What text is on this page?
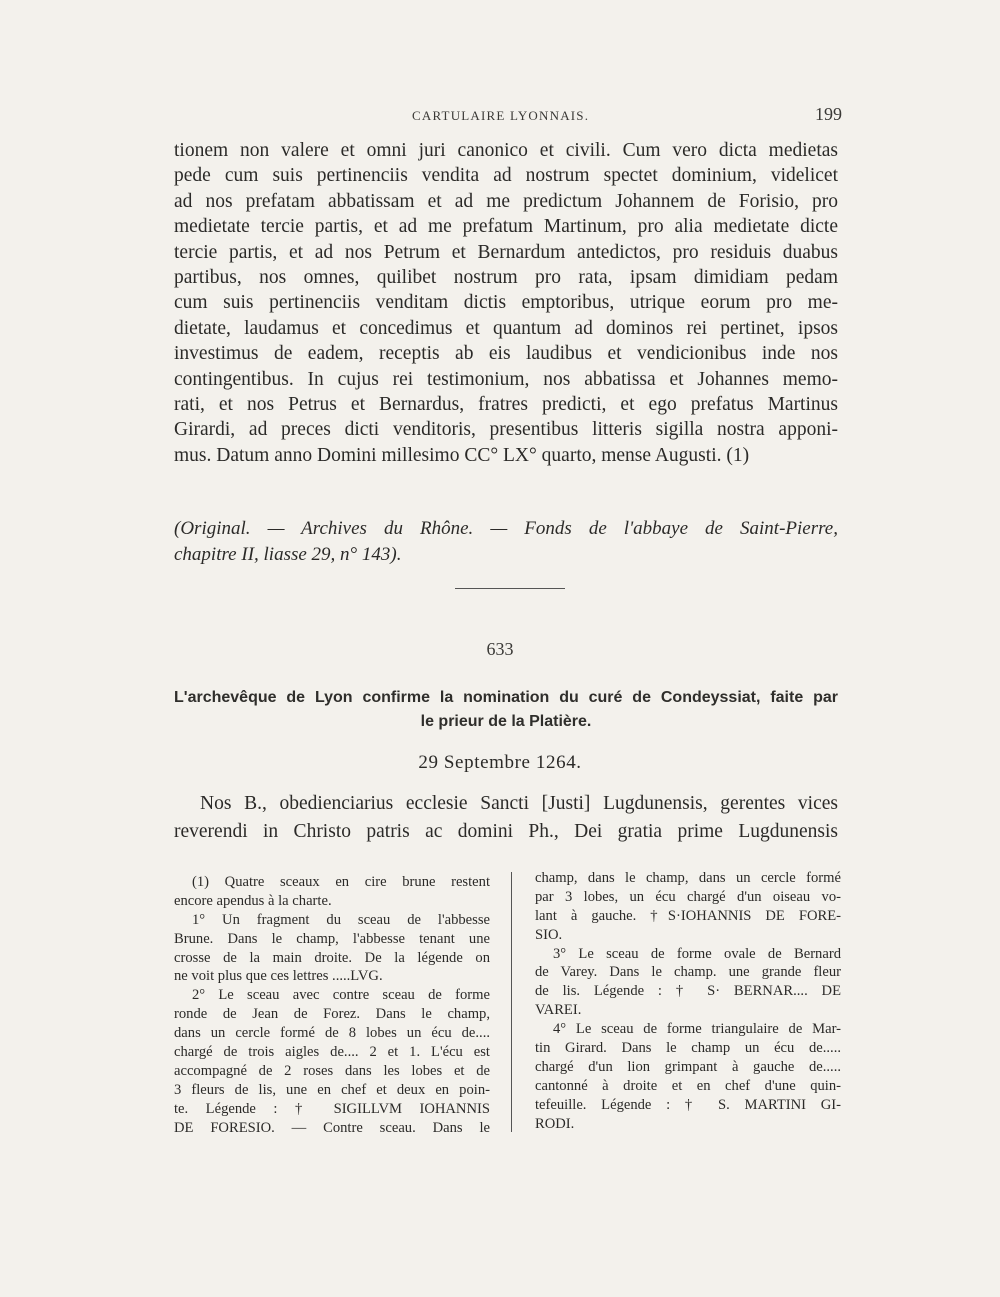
CARTULAIRE LYONNAIS.	199
tionem non valere et omni juri canonico et civili. Cum vero dicta medietas
pede cum suis pertinenciis vendita ad nostrum spectet dominium, videlicet
ad nos prefatam abbatissam et ad me predictum Johannem de Forisio, pro
medietate tercie partis, et ad me prefatum Martinum, pro alia medietate dicte
tercie partis, et ad nos Petrum et Bernardum antedictos, pro residuis duabus
partibus, nos omnes, quilibet nostrum pro rata, ipsam dimidiam pedam
cum suis pertinenciis venditam dictis emptoribus, utrique eorum pro me-
dietate, laudamus et concedimus et quantum ad dominos rei pertinet, ipsos
investimus de eadem, receptis ab eis laudibus et vendicionibus inde nos
contingentibus. In cujus rei testimonium, nos abbatissa et Johannes memo-
rati, et nos Petrus et Bernardus, fratres predicti, et ego prefatus Martinus
Girardi, ad preces dicti venditoris, presentibus litteris sigilla nostra apponi-
mus. Datum anno Domini millesimo CC° LX° quarto, mense Augusti. (1)
(Original. — Archives du Rhône. — Fonds de l'abbaye de Saint-Pierre,
chapitre II, liasse 29, n° 143).
633
L'archevêque de Lyon confirme la nomination du curé de Condeyssiat, faite par
le prieur de la Platière.
29 Septembre 1264.
Nos B., obedienciarius ecclesie Sancti [Justi] Lugdunensis, gerentes vices
reverendi in Christo patris ac domini Ph., Dei gratia prime Lugdunensis
(1) Quatre sceaux en cire brune restent
encore apendus à la charte.
1° Un fragment du sceau de l'abbesse
Brune. Dans le champ, l'abbesse tenant une
crosse de la main droite. De la légende on
ne voit plus que ces lettres .....LVG.
2° Le sceau avec contre sceau de forme
ronde de Jean de Forez. Dans le champ,
dans un cercle formé de 8 lobes un écu de....
chargé de trois aigles de.... 2 et 1. L'écu est
accompagné de 2 roses dans les lobes et de
3 fleurs de lis, une en chef et deux en poin-
te. Légende : † SIGILLVM IOHANNIS
DE FORESIO. — Contre sceau. Dans le
champ, dans le champ, dans un cercle formé
par 3 lobes, un écu chargé d'un oiseau vo-
lant à gauche. †S·IOHANNIS DE FORE-
SIO.
3° Le sceau de forme ovale de Bernard
de Varey. Dans le champ. une grande fleur
de lis. Légende : † S· BERNAR.... DE
VAREI.
4° Le sceau de forme triangulaire de Mar-
tin Girard. Dans le champ un écu de.....
chargé d'un lion grimpant à gauche de.....
cantonné à droite et en chef d'une quin-
tefeuille. Légende : † S. MARTINI GI-
RODI.
